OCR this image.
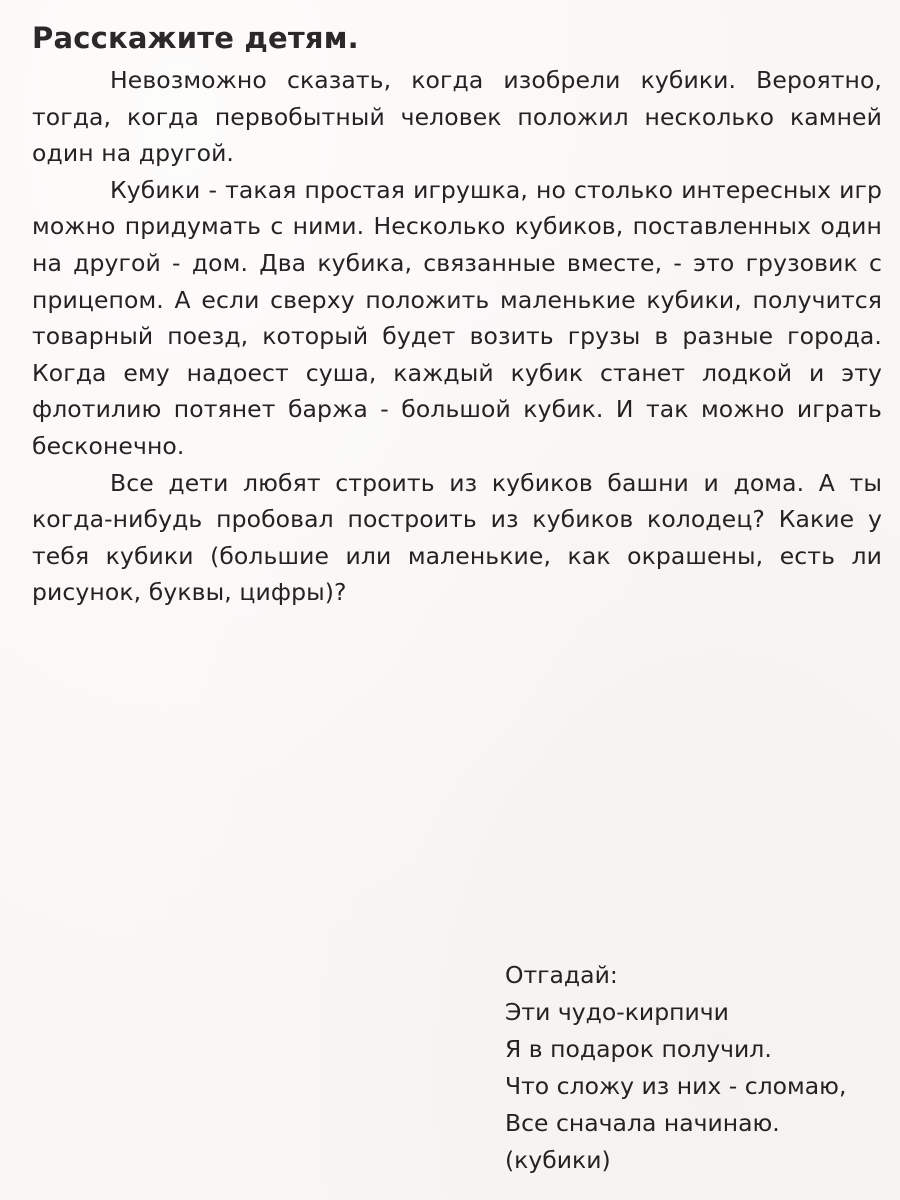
Расскажите детям.

Невозможно сказать, когда изобрели кубики. Вероятно, тогда, когда первобытный человек положил несколько камней один на другой.

Кубики - такая простая игрушка, но столько интересных игр можно придумать с ними. Несколько кубиков, поставленных один на другой - дом. Два кубика, связанные вместе, - это грузовик с прицепом. А если сверху положить маленькие кубики, получится товарный поезд, который будет возить грузы в разные города. Когда ему надоест суша, каждый кубик станет лодкой и эту флотилию потянет баржа - большой кубик. И так можно играть бесконечно.

Все дети любят строить из кубиков башни и дома. А ты когда-нибудь пробовал построить из кубиков колодец? Какие у тебя кубики (большие или маленькие, как окрашены, есть ли рисунок, буквы, цифры)?

Отгадай:
Эти чудо-кирпичи
Я в подарок получил.
Что сложу из них - сломаю,
Все сначала начинаю.
(кубики)
